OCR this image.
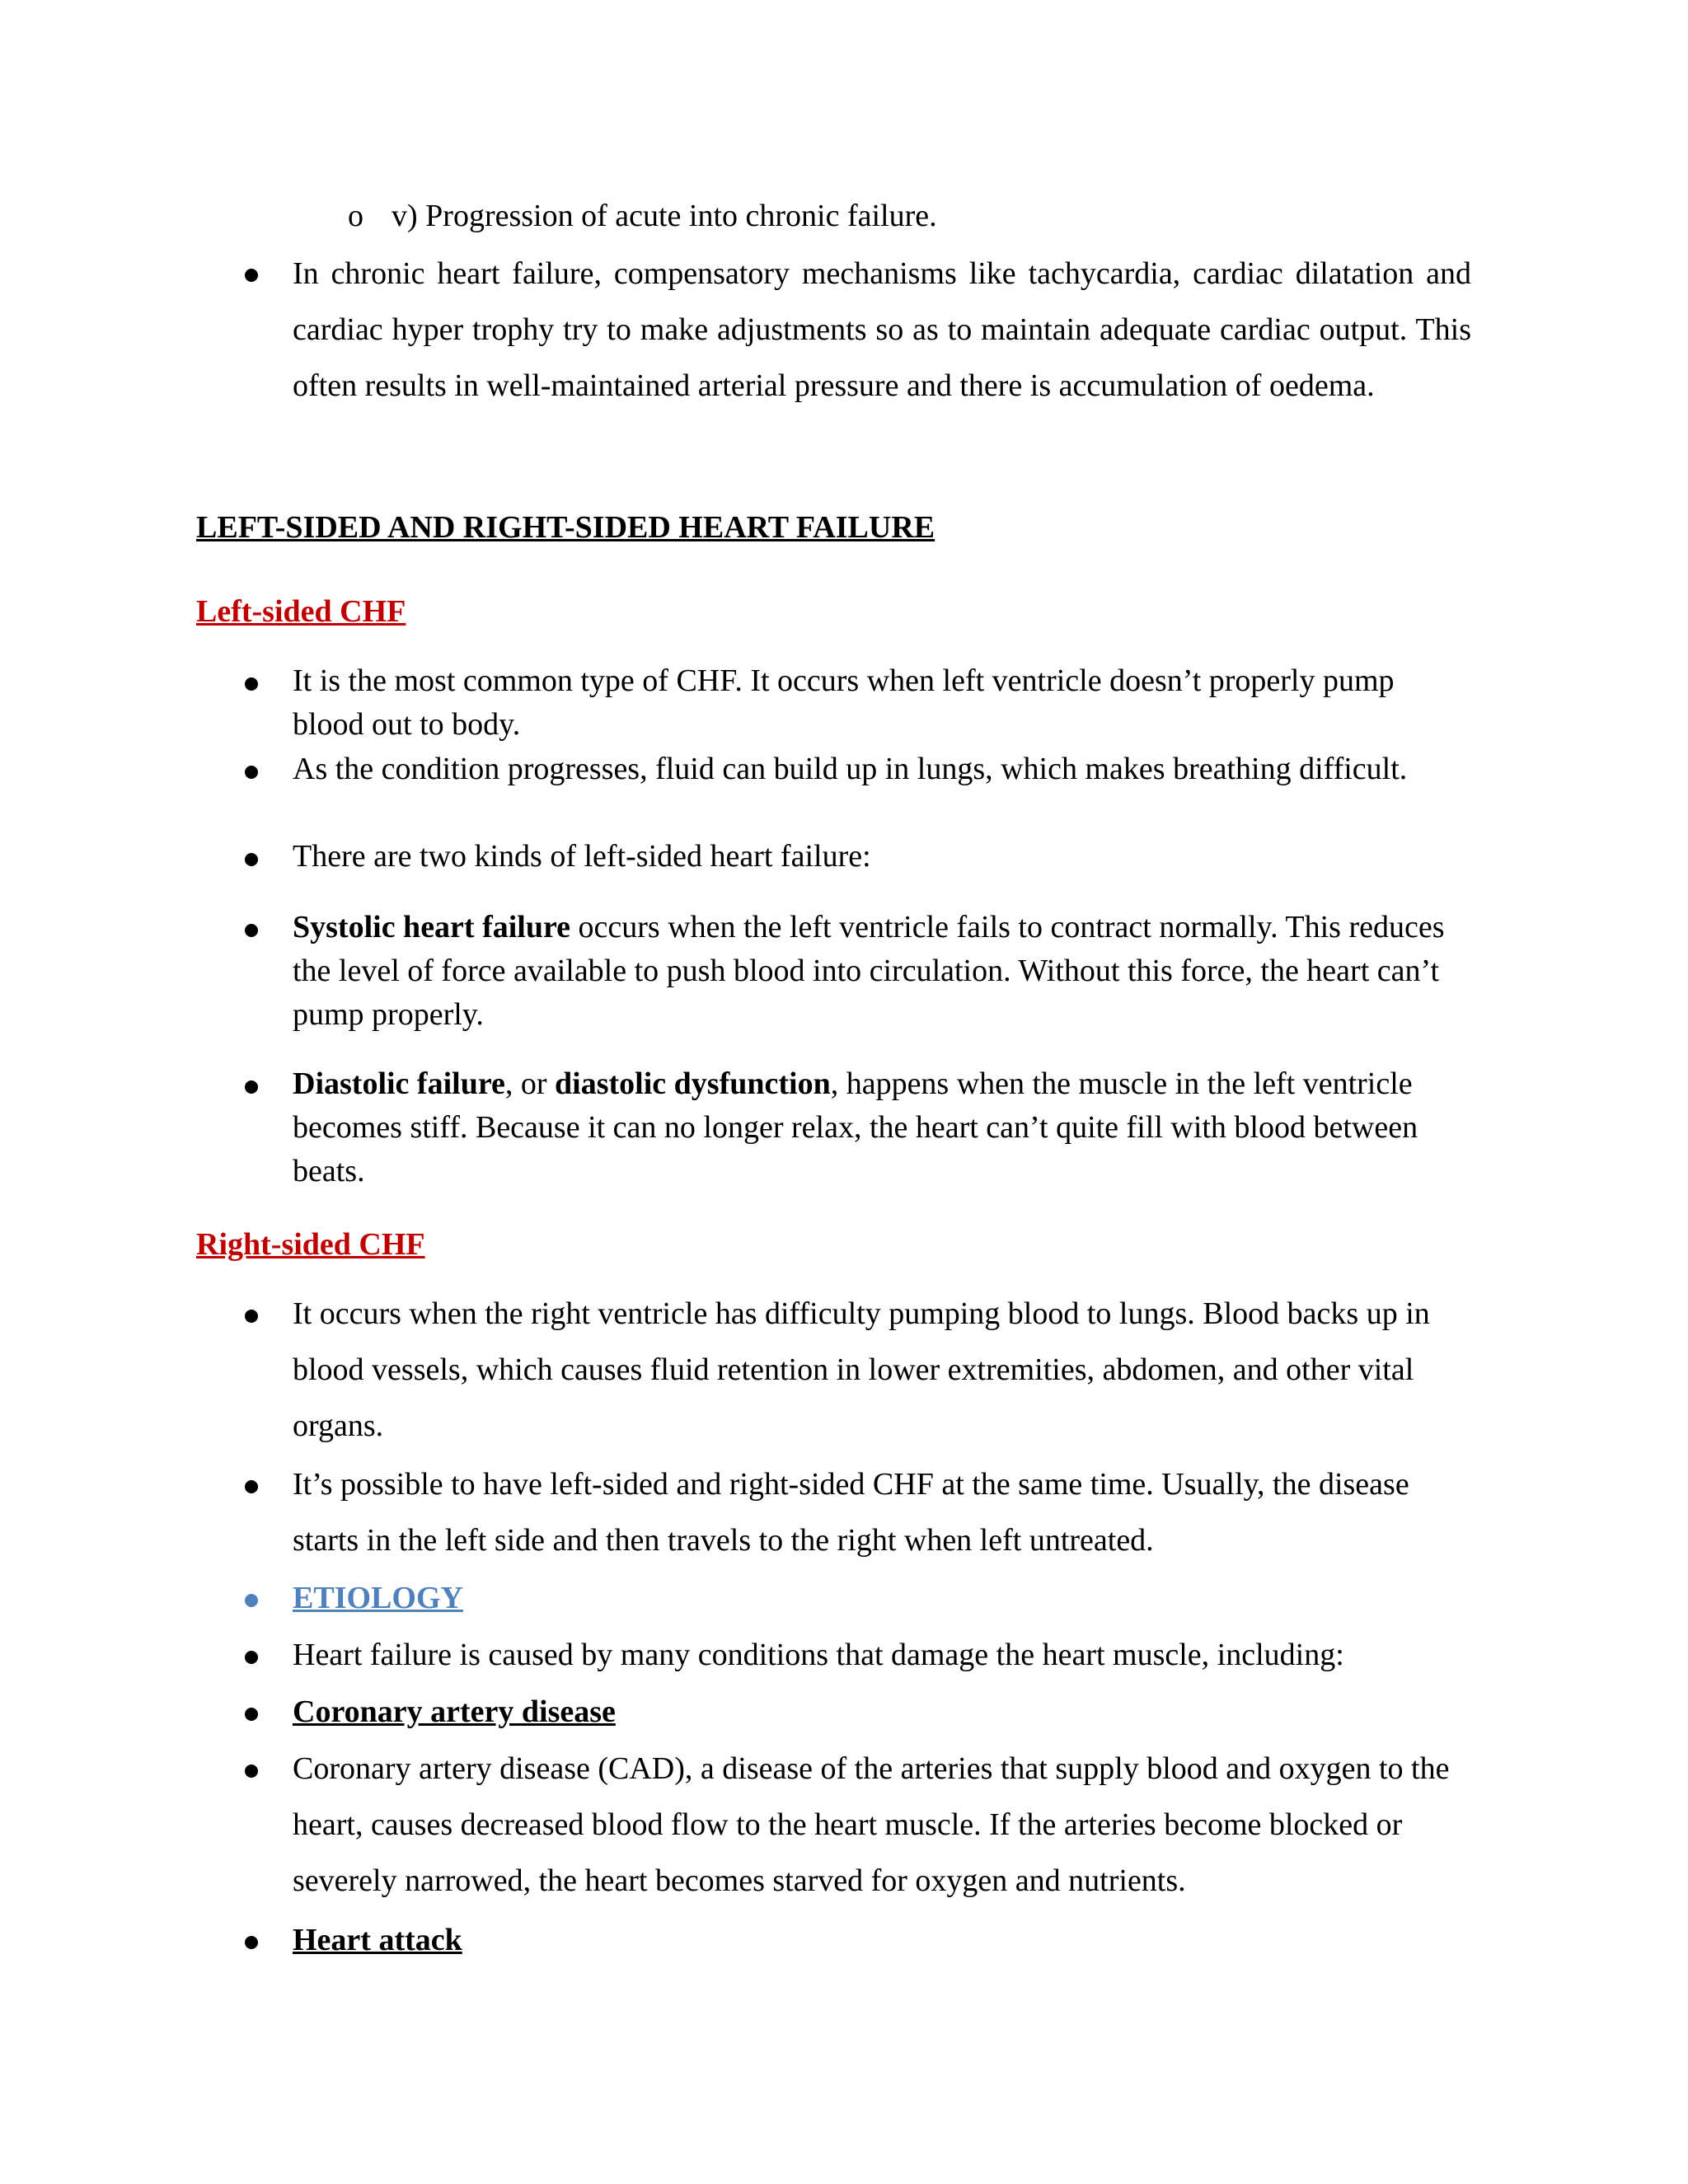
o v) Progression of acute into chronic failure.
In chronic heart failure, compensatory mechanisms like tachycardia, cardiac dilatation and cardiac hyper trophy try to make adjustments so as to maintain adequate cardiac output. This often results in well-maintained arterial pressure and there is accumulation of oedema.
LEFT-SIDED AND RIGHT-SIDED HEART FAILURE
Left-sided CHF
It is the most common type of CHF. It occurs when left ventricle doesn’t properly pump blood out to body.
As the condition progresses, fluid can build up in lungs, which makes breathing difficult.
There are two kinds of left-sided heart failure:
Systolic heart failure occurs when the left ventricle fails to contract normally. This reduces the level of force available to push blood into circulation. Without this force, the heart can’t pump properly.
Diastolic failure, or diastolic dysfunction, happens when the muscle in the left ventricle becomes stiff. Because it can no longer relax, the heart can’t quite fill with blood between beats.
Right-sided CHF
It occurs when the right ventricle has difficulty pumping blood to lungs. Blood backs up in blood vessels, which causes fluid retention in lower extremities, abdomen, and other vital organs.
It’s possible to have left-sided and right-sided CHF at the same time. Usually, the disease starts in the left side and then travels to the right when left untreated.
ETIOLOGY
Heart failure is caused by many conditions that damage the heart muscle, including:
Coronary artery disease
Coronary artery disease (CAD), a disease of the arteries that supply blood and oxygen to the heart, causes decreased blood flow to the heart muscle. If the arteries become blocked or severely narrowed, the heart becomes starved for oxygen and nutrients.
Heart attack
